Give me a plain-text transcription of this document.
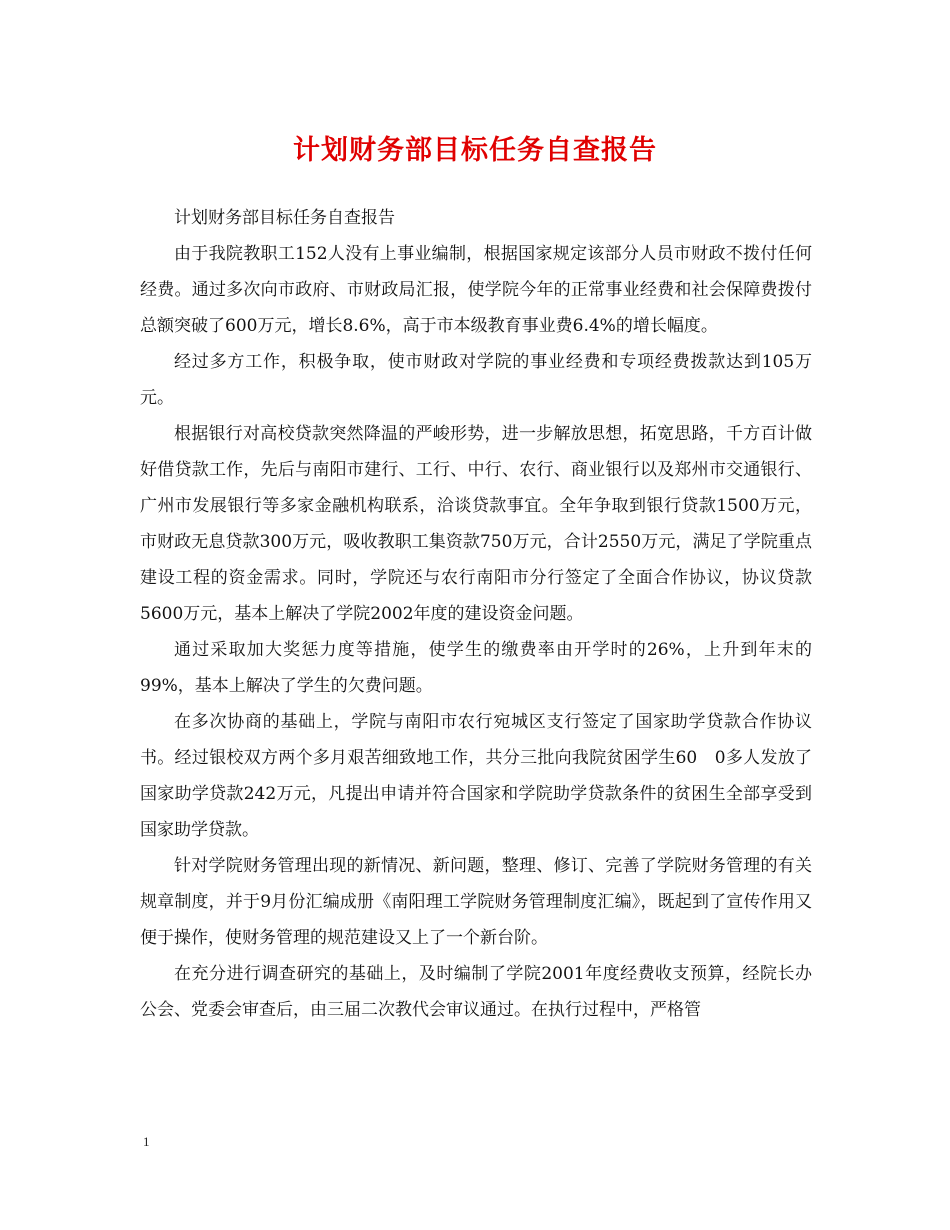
计划财务部目标任务自查报告

计划财务部目标任务自查报告

由于我院教职工152人没有上事业编制，根据国家规定该部分人员市财政不拨付任何经费。通过多次向市政府、市财政局汇报，使学院今年的正常事业经费和社会保障费拨付总额突破了600万元，增长8.6%，高于市本级教育事业费6.4%的增长幅度。

经过多方工作，积极争取，使市财政对学院的事业经费和专项经费拨款达到105万元。

根据银行对高校贷款突然降温的严峻形势，进一步解放思想，拓宽思路，千方百计做好借贷款工作，先后与南阳市建行、工行、中行、农行、商业银行以及郑州市交通银行、广州市发展银行等多家金融机构联系，洽谈贷款事宜。全年争取到银行贷款1500万元，市财政无息贷款300万元，吸收教职工集资款750万元，合计2550万元，满足了学院重点建设工程的资金需求。同时，学院还与农行南阳市分行签定了全面合作协议，协议贷款5600万元，基本上解决了学院2002年度的建设资金问题。

通过采取加大奖惩力度等措施，使学生的缴费率由开学时的26%，上升到年末的99%，基本上解决了学生的欠费问题。

在多次协商的基础上，学院与南阳市农行宛城区支行签定了国家助学贷款合作协议书。经过银校双方两个多月艰苦细致地工作，共分三批向我院贫困学生60　0多人发放了国家助学贷款242万元，凡提出申请并符合国家和学院助学贷款条件的贫困生全部享受到国家助学贷款。

针对学院财务管理出现的新情况、新问题，整理、修订、完善了学院财务管理的有关规章制度，并于9月份汇编成册《南阳理工学院财务管理制度汇编》，既起到了宣传作用又便于操作，使财务管理的规范建设又上了一个新台阶。

在充分进行调查研究的基础上，及时编制了学院2001年度经费收支预算，经院长办公会、党委会审查后，由三届二次教代会审议通过。在执行过程中，严格管

1
